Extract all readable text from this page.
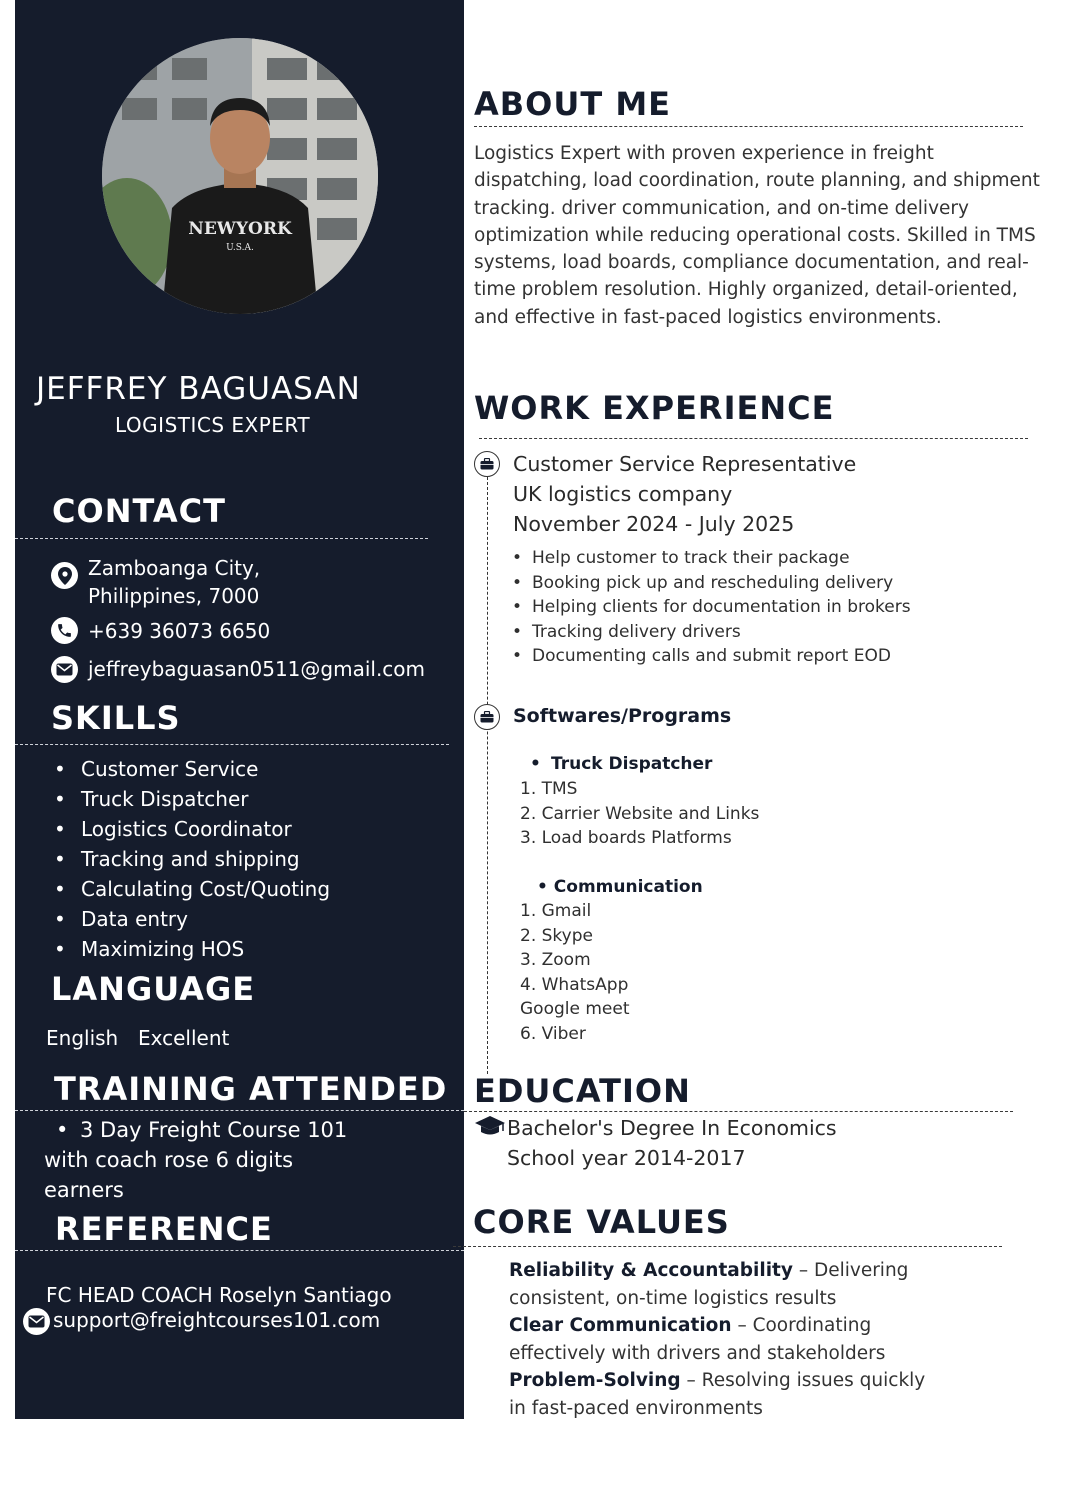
NEWYORK
U.S.A.
JEFFREY BAGUASAN
LOGISTICS EXPERT
CONTACT
Zamboanga City,
Philippines, 7000
+639 36073 6650
jeffreybaguasan0511@gmail.com
SKILLS
• Customer Service
• Truck Dispatcher
• Logistics Coordinator
• Tracking and shipping
• Calculating Cost/Quoting
• Data entry
• Maximizing HOS
LANGUAGE
English Excellent
TRAINING ATTENDED
• 3 Day Freight Course 101
with coach rose 6 digits
earners
REFERENCE
FC HEAD COACH Roselyn Santiago
support@freightcourses101.com
ABOUT ME
Logistics Expert with proven experience in freight dispatching, load coordination, route planning, and shipment tracking. driver communication, and on-time delivery optimization while reducing operational costs. Skilled in TMS systems, load boards, compliance documentation, and real-time problem resolution. Highly organized, detail-oriented, and effective in fast-paced logistics environments.
WORK EXPERIENCE
Customer Service Representative
UK logistics company
November 2024 - July 2025
• Help customer to track their package
• Booking pick up and rescheduling delivery
• Helping clients for documentation in brokers
• Tracking delivery drivers
• Documenting calls and submit report EOD
Softwares/Programs
• Truck Dispatcher
1. TMS
2. Carrier Website and Links
3. Load boards Platforms
• Communication
1. Gmail
2. Skype
3. Zoom
4. WhatsApp
Google meet
6. Viber
EDUCATION
Bachelor's Degree In Economics
School year 2014-2017
CORE VALUES
Reliability & Accountability – Delivering
consistent, on-time logistics results
Clear Communication – Coordinating
effectively with drivers and stakeholders
Problem-Solving – Resolving issues quickly
in fast-paced environments
